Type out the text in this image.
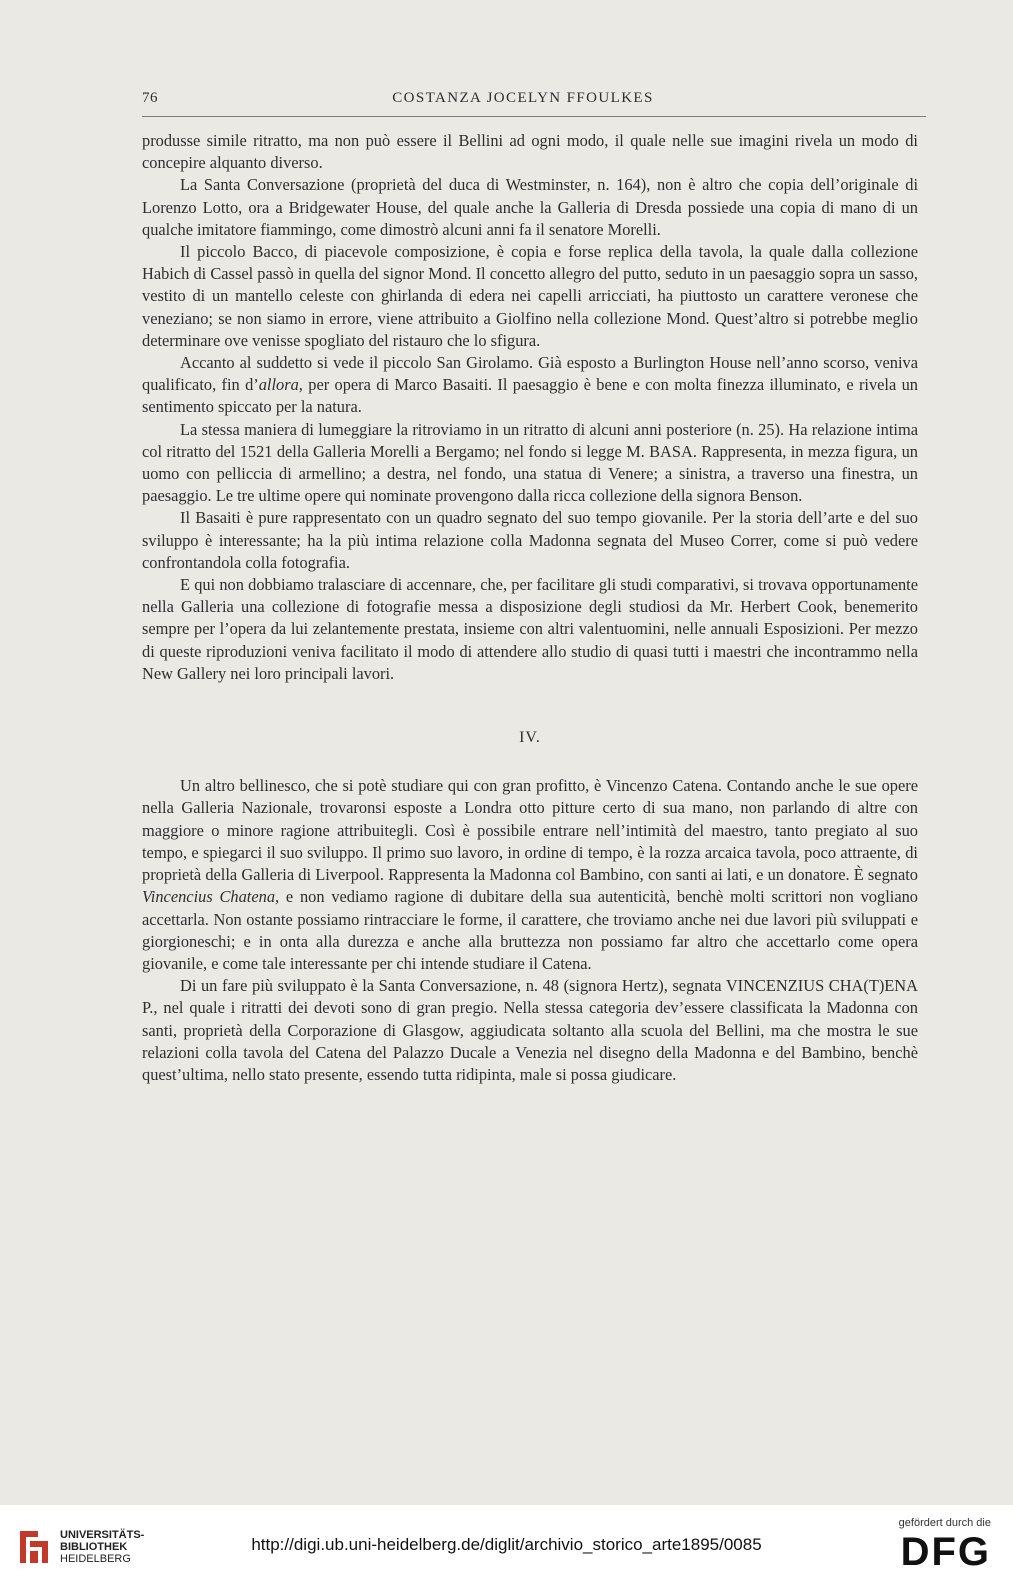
76	COSTANZA JOCELYN FFOULKES

produsse simile ritratto, ma non può essere il Bellini ad ogni modo, il quale nelle sue imagini rivela un modo di concepire alquanto diverso.

La Santa Conversazione (proprietà del duca di Westminster, n. 164), non è altro che copia dell’originale di Lorenzo Lotto, ora a Bridgewater House, del quale anche la Galleria di Dresda possiede una copia di mano di un qualche imitatore fiammingo, come dimostrò alcuni anni fa il senatore Morelli.

Il piccolo Bacco, di piacevole composizione, è copia e forse replica della tavola, la quale dalla collezione Habich di Cassel passò in quella del signor Mond. Il concetto allegro del putto, seduto in un paesaggio sopra un sasso, vestito di un mantello celeste con ghirlanda di edera nei capelli arricciati, ha piuttosto un carattere veronese che veneziano; se non siamo in errore, viene attribuito a Giolfino nella collezione Mond. Quest’altro si potrebbe meglio determinare ove venisse spogliato del ristauro che lo sfigura.

Accanto al suddetto si vede il piccolo San Girolamo. Già esposto a Burlington House nell’anno scorso, veniva qualificato, fin d’allora, per opera di Marco Basaiti. Il paesaggio è bene e con molta finezza illuminato, e rivela un sentimento spiccato per la natura.

La stessa maniera di lumeggiare la ritroviamo in un ritratto di alcuni anni posteriore (n. 25). Ha relazione intima col ritratto del 1521 della Galleria Morelli a Bergamo; nel fondo si legge M. BASA. Rappresenta, in mezza figura, un uomo con pelliccia di armellino; a destra, nel fondo, una statua di Venere; a sinistra, a traverso una finestra, un paesaggio. Le tre ultime opere qui nominate provengono dalla ricca collezione della signora Benson.

Il Basaiti è pure rappresentato con un quadro segnato del suo tempo giovanile. Per la storia dell’arte e del suo sviluppo è interessante; ha la più intima relazione colla Madonna segnata del Museo Correr, come si può vedere confrontandola colla fotografia.

E qui non dobbiamo tralasciare di accennare, che, per facilitare gli studi comparativi, si trovava opportunamente nella Galleria una collezione di fotografie messa a disposizione degli studiosi da Mr. Herbert Cook, benemerito sempre per l’opera da lui zelantemente prestata, insieme con altri valentuomini, nelle annuali Esposizioni. Per mezzo di queste riproduzioni veniva facilitato il modo di attendere allo studio di quasi tutti i maestri che incontrammo nella New Gallery nei loro principali lavori.

IV.

Un altro bellinesco, che si potè studiare qui con gran profitto, è Vincenzo Catena. Contando anche le sue opere nella Galleria Nazionale, trovaronsi esposte a Londra otto pitture certo di sua mano, non parlando di altre con maggiore o minore ragione attribuitegli. Così è possibile entrare nell’intimità del maestro, tanto pregiato al suo tempo, e spiegarci il suo sviluppo. Il primo suo lavoro, in ordine di tempo, è la rozza arcaica tavola, poco attraente, di proprietà della Galleria di Liverpool. Rappresenta la Madonna col Bambino, con santi ai lati, e un donatore. È segnato Vincencius Chatena, e non vediamo ragione di dubitare della sua autenticità, benchè molti scrittori non vogliano accettarla. Non ostante possiamo rintracciare le forme, il carattere, che troviamo anche nei due lavori più sviluppati e giorgioneschi; e in onta alla durezza e anche alla bruttezza non possiamo far altro che accettarlo come opera giovanile, e come tale interessante per chi intende studiare il Catena.

Di un fare più sviluppato è la Santa Conversazione, n. 48 (signora Hertz), segnata VINCENZIUS CHA(T)ENA P., nel quale i ritratti dei devoti sono di gran pregio. Nella stessa categoria dev’essere classificata la Madonna con santi, proprietà della Corporazione di Glasgow, aggiudicata soltanto alla scuola del Bellini, ma che mostra le sue relazioni colla tavola del Catena del Palazzo Ducale a Venezia nel disegno della Madonna e del Bambino, benchè quest’ultima, nello stato presente, essendo tutta ridipinta, male si possa giudicare.

UNIVERSITÄTS-
BIBLIOTHEK
HEIDELBERG
http://digi.ub.uni-heidelberg.de/diglit/archivio_storico_arte1895/0085
gefördert durch die
DFG
